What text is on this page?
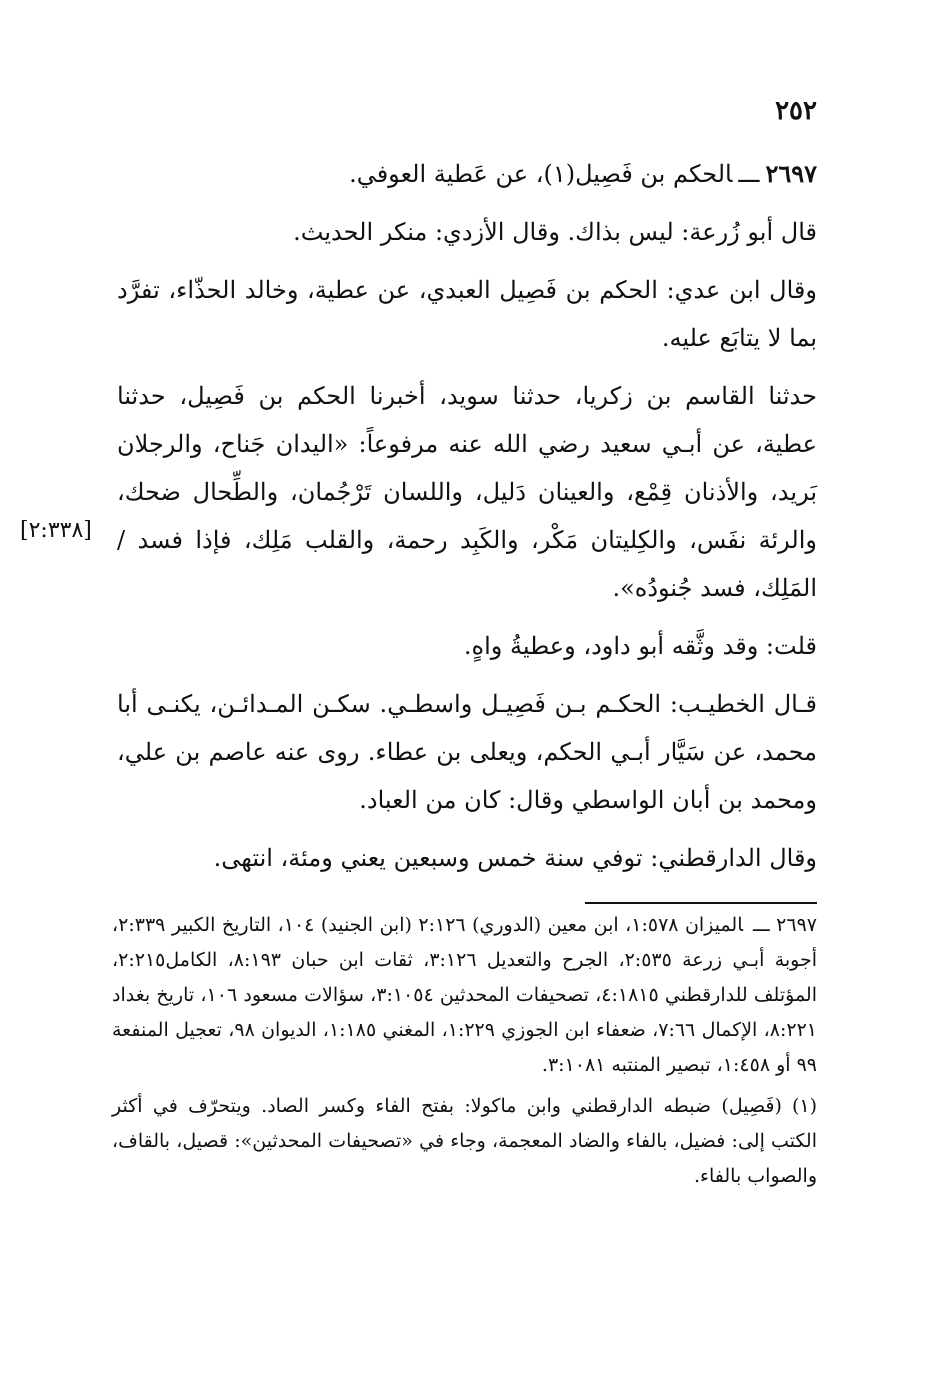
٢٥٢
[٢:٣٣٨]

٢٦٩٧ـــالحكم بن فَصِيل(١)، عن عَطية العوفي.

قال أبو زُرعة: ليس بذاك. وقال الأزدي: منكر الحديث.

وقال ابن عدي: الحكم بن فَصِيل العبدي، عن عطية، وخالد الحذّاء، تفرَّد بما لا يتابَع عليه.

حدثنا القاسم بن زكريا، حدثنا سويد، أخبرنا الحكم بن فَصِيل، حدثنا عطية، عن أبـي سعيد رضي الله عنه مرفوعاً: «اليدان جَناح، والرجلان بَريد، والأذنان قِمْع، والعينان دَليل، واللسان تَرْجُمان، والطِّحال ضحك، والرئة نفَس، والكِليتان مَكْر، والكَبِد رحمة، والقلب مَلِك، فإذا فسد / المَلِك، فسد جُنودُه».

قلت: وقد وثَّقه أبو داود، وعطيةُ واهٍ.

قـال الخطيـب: الحكـم بـن فَصِيـل واسطـي. سكـن المـدائـن، يكنـى أبا محمد، عن سَيَّار أبـي الحكم، ويعلى بن عطاء. روى عنه عاصم بن علي، ومحمد بن أبان الواسطي وقال: كان من العباد.

وقال الدارقطني: توفي سنة خمس وسبعين يعني ومئة، انتهى.

٢٦٩٧ ـــالميزان ١:٥٧٨، ابن معين (الدوري) ٢:١٢٦ (ابن الجنيد) ١٠٤، التاريخ الكبير ٢:٣٣٩، أجوبة أبـي زرعة ٢:٥٣٥، الجرح والتعديل ٣:١٢٦، ثقات ابن حبان ٨:١٩٣، الكامل٢:٢١٥، المؤتلف للدارقطني ٤:١٨١٥، تصحيفات المحدثين ٣:١٠٥٤، سؤالات مسعود ١٠٦، تاريخ بغداد ٨:٢٢١، الإكمال ٧:٦٦، ضعفاء ابن الجوزي ١:٢٢٩، المغني ١:١٨٥، الديوان ٩٨، تعجيل المنفعة ٩٩ أو ١:٤٥٨، تبصير المنتبه ٣:١٠٨١.

(١)(فَصِيل) ضبطه الدارقطني وابن ماكولا: بفتح الفاء وكسر الصاد. ويتحرّف في أكثر الكتب إلى: فضيل، بالفاء والضاد المعجمة، وجاء في «تصحيفات المحدثين»: قصيل، بالقاف، والصواب بالفاء.
